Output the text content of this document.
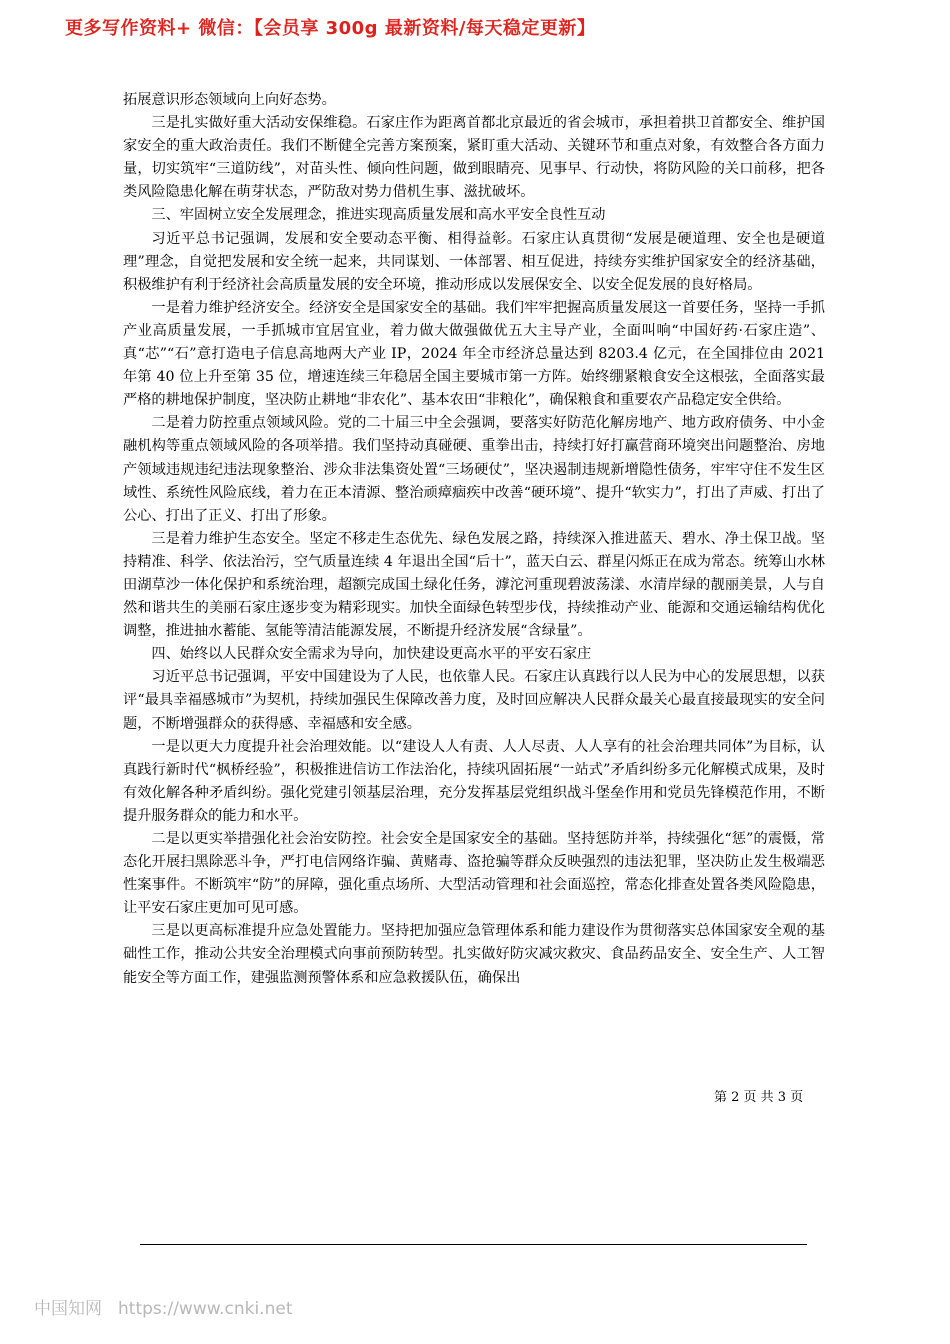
更多写作资料+ 微信：【会员享 300g 最新资料/每天稳定更新】

拓展意识形态领域向上向好态势。

三是扎实做好重大活动安保维稳。石家庄作为距离首都北京最近的省会城市，承担着拱卫首都安全、维护国家安全的重大政治责任。我们不断健全完善方案预案，紧盯重大活动、关键环节和重点对象，有效整合各方面力量，切实筑牢“三道防线”，对苗头性、倾向性问题，做到眼睛亮、见事早、行动快，将防风险的关口前移，把各类风险隐患化解在萌芽状态，严防敌对势力借机生事、滋扰破坏。

三、牢固树立安全发展理念，推进实现高质量发展和高水平安全良性互动

习近平总书记强调，发展和安全要动态平衡、相得益彰。石家庄认真贯彻“发展是硬道理、安全也是硬道理”理念，自觉把发展和安全统一起来，共同谋划、一体部署、相互促进，持续夯实维护国家安全的经济基础，积极维护有利于经济社会高质量发展的安全环境，推动形成以发展保安全、以安全促发展的良好格局。

一是着力维护经济安全。经济安全是国家安全的基础。我们牢牢把握高质量发展这一首要任务，坚持一手抓产业高质量发展，一手抓城市宜居宜业，着力做大做强做优五大主导产业，全面叫响“中国好药·石家庄造”、真“芯”“石”意打造电子信息高地两大产业 IP，2024 年全市经济总量达到 8203.4 亿元，在全国排位由 2021 年第 40 位上升至第 35 位，增速连续三年稳居全国主要城市第一方阵。始终绷紧粮食安全这根弦，全面落实最严格的耕地保护制度，坚决防止耕地“非农化”、基本农田“非粮化”，确保粮食和重要农产品稳定安全供给。

二是着力防控重点领域风险。党的二十届三中全会强调，要落实好防范化解房地产、地方政府债务、中小金融机构等重点领域风险的各项举措。我们坚持动真碰硬、重拳出击，持续打好打赢营商环境突出问题整治、房地产领域违规违纪违法现象整治、涉众非法集资处置“三场硬仗”，坚决遏制违规新增隐性债务，牢牢守住不发生区域性、系统性风险底线，着力在正本清源、整治顽瘴痼疾中改善“硬环境”、提升“软实力”，打出了声威、打出了公心、打出了正义、打出了形象。

三是着力维护生态安全。坚定不移走生态优先、绿色发展之路，持续深入推进蓝天、碧水、净土保卫战。坚持精准、科学、依法治污，空气质量连续 4 年退出全国“后十”，蓝天白云、群星闪烁正在成为常态。统筹山水林田湖草沙一体化保护和系统治理，超额完成国土绿化任务，滹沱河重现碧波荡漾、水清岸绿的靓丽美景，人与自然和谐共生的美丽石家庄逐步变为精彩现实。加快全面绿色转型步伐，持续推动产业、能源和交通运输结构优化调整，推进抽水蓄能、氢能等清洁能源发展，不断提升经济发展“含绿量”。

四、始终以人民群众安全需求为导向，加快建设更高水平的平安石家庄

习近平总书记强调，平安中国建设为了人民，也依靠人民。石家庄认真践行以人民为中心的发展思想，以获评“最具幸福感城市”为契机，持续加强民生保障改善力度，及时回应解决人民群众最关心最直接最现实的安全问题，不断增强群众的获得感、幸福感和安全感。

一是以更大力度提升社会治理效能。以“建设人人有责、人人尽责、人人享有的社会治理共同体”为目标，认真践行新时代“枫桥经验”，积极推进信访工作法治化，持续巩固拓展“一站式”矛盾纠纷多元化解模式成果，及时有效化解各种矛盾纠纷。强化党建引领基层治理，充分发挥基层党组织战斗堡垒作用和党员先锋模范作用，不断提升服务群众的能力和水平。

二是以更实举措强化社会治安防控。社会安全是国家安全的基础。坚持惩防并举，持续强化“惩”的震慑，常态化开展扫黑除恶斗争，严打电信网络诈骗、黄赌毒、盗抢骗等群众反映强烈的违法犯罪，坚决防止发生极端恶性案事件。不断筑牢“防”的屏障，强化重点场所、大型活动管理和社会面巡控，常态化排查处置各类风险隐患，让平安石家庄更加可见可感。

三是以更高标准提升应急处置能力。坚持把加强应急管理体系和能力建设作为贯彻落实总体国家安全观的基础性工作，推动公共安全治理模式向事前预防转型。扎实做好防灾减灾救灾、食品药品安全、安全生产、人工智能安全等方面工作，建强监测预警体系和应急救援队伍，确保出

第 2 页 共 3 页
中国知网 https://www.cnki.net
